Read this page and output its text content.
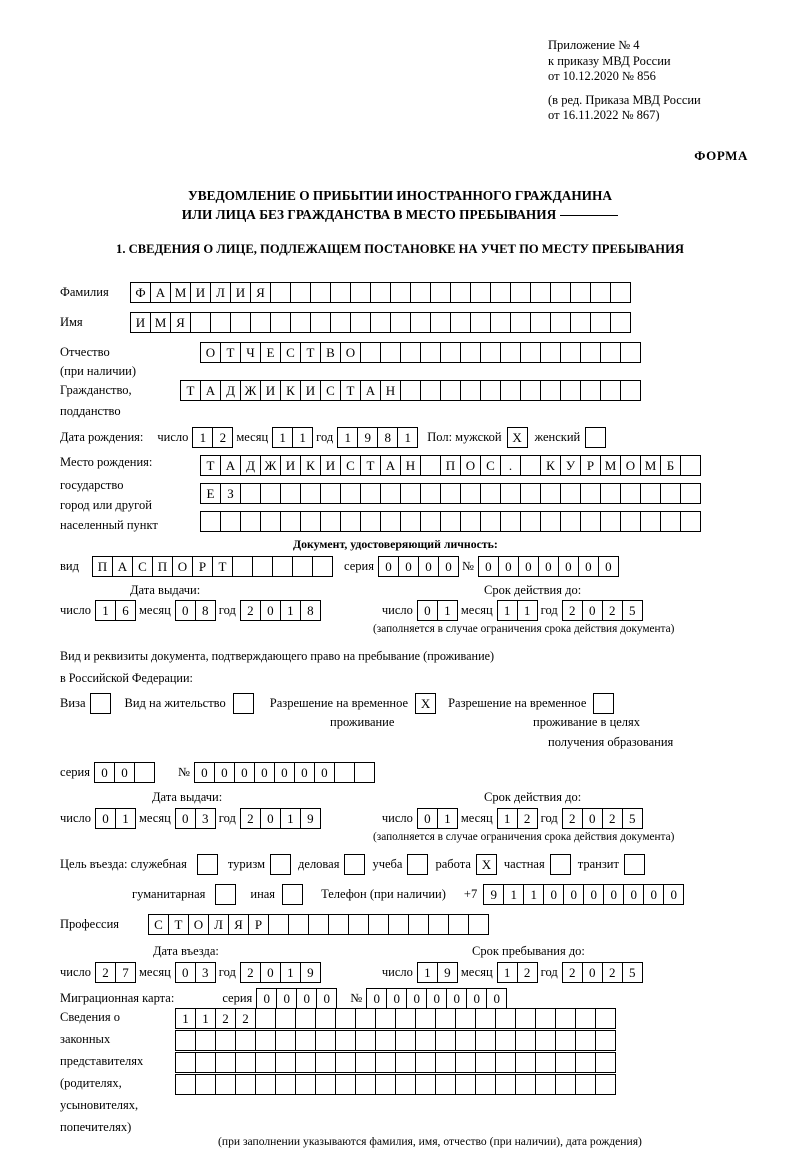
Приложение № 4
к приказу МВД России
от 10.12.2020 № 856
(в ред. Приказа МВД России
от 16.11.2022 № 867)
ФОРМА
УВЕДОМЛЕНИЕ О ПРИБЫТИИ ИНОСТРАННОГО ГРАЖДАНИНА
ИЛИ ЛИЦА БЕЗ ГРАЖДАНСТВА В МЕСТО ПРЕБЫВАНИЯ
1. СВЕДЕНИЯ О ЛИЦЕ, ПОДЛЕЖАЩЕМ ПОСТАНОВКЕ НА УЧЕТ ПО МЕСТУ ПРЕБЫВАНИЯ
Фамилия	Ф А М И Л И Я
Имя	И М Я
Отчество	О Т Ч Е С Т В О
(при наличии)
Гражданство,	Т А Д Ж И К И С Т А Н
подданство
Дата рождения: число 1	2 месяц 1	1 год 1	9	8	1	Пол: мужской X	женский
Место рождения:	Т А Д Ж И К И С Т А Н	П О С	.	К У Р М О М Б
государство
Е З
город или другой
населенный пункт
Документ, удостоверяющий личность:
вид	П А С П О Р Т	серия 0	0	0	0 № 0	0	0	0	0	0	0
Дата выдачи:	Срок действия до:
число 1	6 месяц 0	8 год 2	0	1	8	число 0	1 месяц 1	1 год 2	0	2	5
(заполняется в случае ограничения срока действия документа)
Вид и реквизиты документа, подтверждающего право на пребывание (проживание)
в Российской Федерации:
Виза	Вид на жительство	Разрешение на временное X	Разрешение на временное
проживание	проживание в целях
получения образования
серия 0	0	№ 0	0	0	0	0	0	0
Дата выдачи:	Срок действия до:
число 0	1 месяц 0	3 год 2	0	1	9	число 0	1 месяц 1	2 год 2	0	2	5
(заполняется в случае ограничения срока действия документа)
Цель въезда: служебная	туризм	деловая	учеба	работа X	частная	транзит
гуманитарная	иная	Телефон (при наличии) +7	9	1	1	0	0	0	0	0	0	0
Профессия	С Т О Л Я Р
Дата въезда:	Срок пребывания до:
число 2	7 месяц 0	3 год 2	0	1	9	число 1	9 месяц 1	2 год 2	0	2	5
Миграционная карта:	серия 0	0	0	0	№ 0	0	0	0	0	0	0
Сведения о
законных
представителях
(родителях,
усыновителях,
попечителях)
1	1	2	2
(при заполнении указываются фамилия, имя, отчество (при наличии), дата рождения)
